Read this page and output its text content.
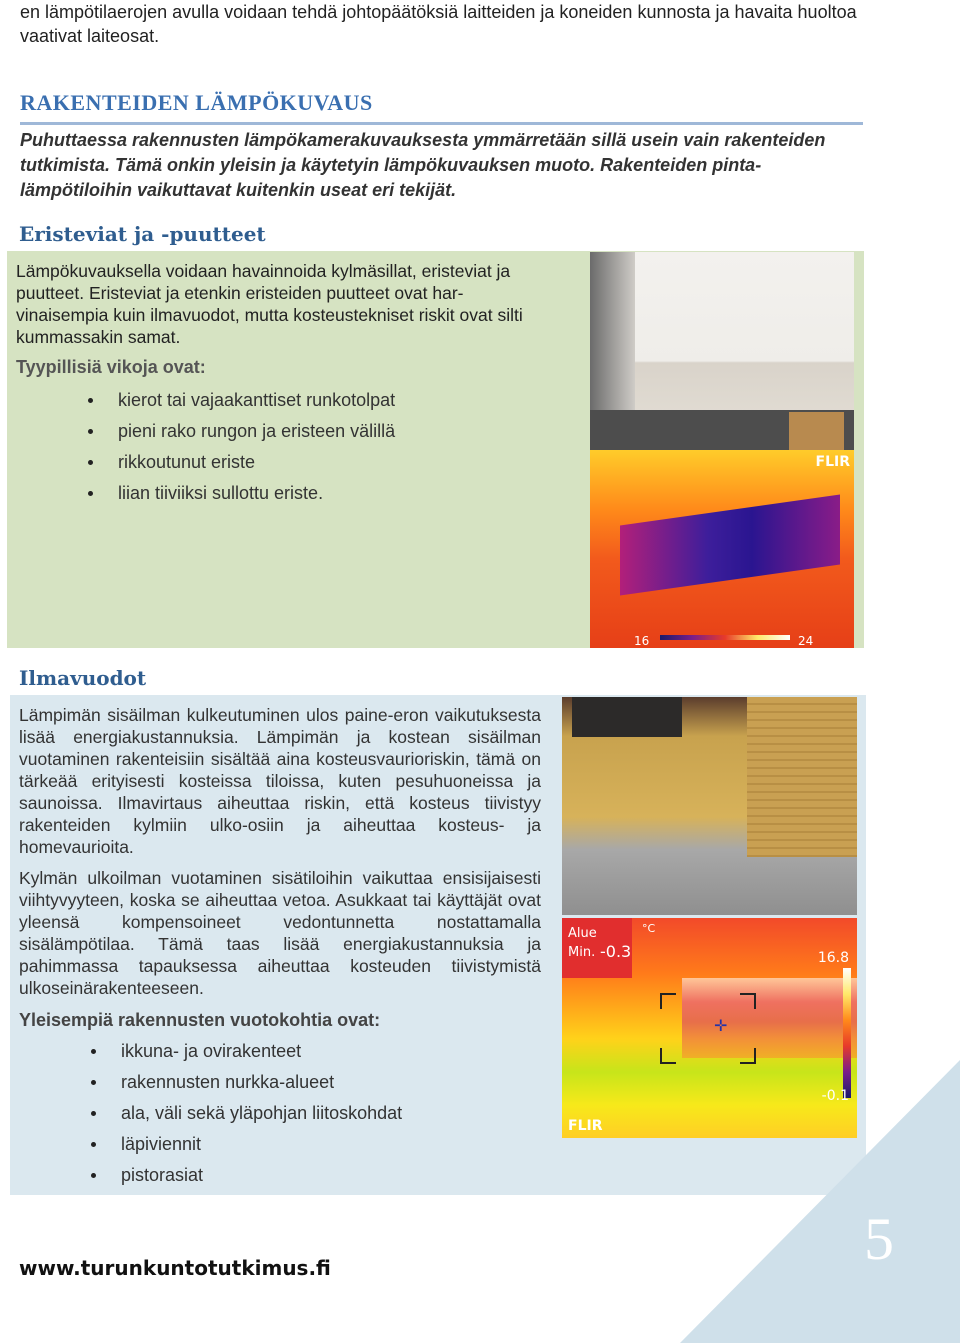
en lämpötilaerojen avulla voidaan tehdä johtopäätöksiä laitteiden ja koneiden kunnosta ja havaita huoltoa vaativat laiteosat.
RAKENTEIDEN LÄMPÖKUVAUS
Puhuttaessa rakennusten lämpökamerakuvauksesta ymmärretään sillä usein vain rakenteiden tutkimista. Tämä onkin yleisin ja käytetyin lämpökuvauksen muoto. Rakenteiden pintalämpötiloihin vaikuttavat kuitenkin useat eri tekijät.
Eristeviat ja -puutteet
Lämpökuvauksella voidaan havainnoida kylmäsillat, eristeviat ja puutteet. Eristeviat ja etenkin eristeiden puutteet ovat harvinaisempia kuin ilmavuodot, mutta kosteustekniset riskit ovat silti kummassakin samat.
Tyypillisiä vikoja ovat:
kierot tai vajaakanttiset runkotolpat
pieni rako rungon ja eristeen välillä
rikkoutunut eriste
liian tiiviiksi sullottu eriste.
FLIR
16	24
Ilmavuodot

Lämpimän sisäilman kulkeutuminen ulos paine-eron vaikutuksesta lisää energiakustannuksia. Lämpimän ja kostean sisäilman vuotaminen rakenteisiin sisältää aina kosteusvaurioriskin, tämä on tärkeää erityisesti kosteissa tiloissa, kuten pesuhuoneissa ja saunoissa. Ilmavirtaus aiheuttaa riskin, että kosteus tiivistyy rakenteiden kylmiin ulko-osiin ja aiheuttaa kosteus- ja homevaurioita.

Kylmän ulkoilman vuotaminen sisätiloihin vaikuttaa ensisijaisesti viihtyvyyteen, koska se aiheuttaa vetoa. Asukkaat tai käyttäjät ovat yleensä kompensoineet vedontunnetta nostattamalla sisälämpötilaa. Tämä taas lisää energiakustannuksia ja pahimmassa tapauksessa aiheuttaa kosteuden tiivistymistä ulkoseinärakenteeseen.

Yleisempiä rakennusten vuotokohtia ovat:
ikkuna- ja ovirakenteet
rakennusten nurkka-alueet
ala, väli sekä yläpohjan liitoskohdat
läpiviennit
pistorasiat
Alue	°C
Min. -0.3	16.8
-0.1
✛
FLIR
5
www.turunkuntotutkimus.fi
